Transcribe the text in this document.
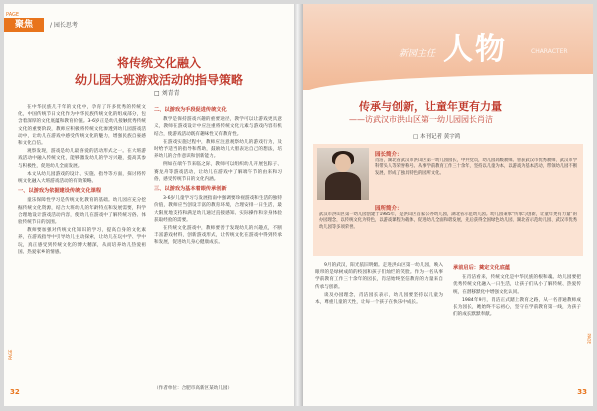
PAGE
聚焦	/ 园长思考
将传统文化融入
幼儿园大班游戏活动的指导策略
□ 刘青青

在中华民族几千年的文化中，孕育了许多优秀的传统文化，中国传统节日文化作为中华民族传统文化的组成部分，包含着深厚的文化底蕴和教育价值。3-6岁正是幼儿接触优秀传统文化的重要阶段，教师应积极将传统文化渗透到幼儿园游戏活动中，让幼儿在游戏中感受传统文化的魅力，增强民族自豪感和文化自信。

观察发现，游戏是幼儿最喜爱的活动形式之一。在大班游戏活动中融入传统文化，能够激发幼儿的学习兴趣，提高其参与积极性，促进幼儿全面发展。

本文从幼儿园游戏的设计、实施、指导等方面，探讨将传统文化融入大班游戏活动的有效策略。

一、以游戏为依据建设传统文化课程

童乐保障性学习是传统文化教育的基础。幼儿园应充分挖掘传统文化资源，结合大班幼儿的年龄特点和发展需要，科学合理地设计游戏活动内容，使幼儿在游戏中了解传统习俗、体验传统节日的氛围。

教师要加强对传统文化知识的学习，提高自身的文化素养，在游戏指导中引导幼儿主动探索，让幼儿在玩中学、学中玩，真正感受到传统文化的博大精深，从而培养幼儿热爱祖国、热爱家乡的情感。

二、以游戏为手段促进传统文化

教学是保持游戏兴趣的重要途径，教学可以让游戏更具意义，教师在游戏设计中应注重将传统文化元素与游戏内容有机结合，使游戏活动既有趣味性又有教育性。

在游戏实施过程中，教师应注意观察幼儿的游戏行为，及时给予适当的指导和帮助，鼓励幼儿大胆表达自己的想法，培养幼儿的合作意识和创新能力。

例如在端午节来临之际，教师可以组织幼儿开展包粽子、赛龙舟等游戏活动，让幼儿在游戏中了解端午节的由来和习俗，感受传统节日的文化内涵。

三、以游戏为基本着眼传承创新

3-6岁儿童学习与发展指南中强调要珍视游戏和生活的独特价值，教师应当创设丰富的教育环境，合理安排一日生活，最大限度地支持和满足幼儿通过直接感知、实际操作和亲身体验获取经验的需要。

在传统文化游戏中，教师要善于发现幼儿的兴趣点，不断丰富游戏材料，创新游戏形式，让传统文化在游戏中得到传承和发展，促进幼儿身心健康成长。

（作者单位：合肥市高新区某幼儿园）
PAGE
32
新园主任 人物	CHARACTER
传承与创新，让童年更有力量
——访武汉市洪山区第一幼儿园园长肖洁
□ 本刊记者 黄宇鸿
园长简介：
肖洁，湖北省武汉市洪山区第一幼儿园园长，中共党员，幼儿园高级教师。曾获武汉市优秀教师、武汉市学科带头人等荣誉称号。从事学前教育工作三十余年，坚持以儿童为本，以游戏为基本活动，带领幼儿园不断发展，形成了独具特色的园所文化。
园所简介：
武汉市洪山区第一幼儿园创建于1985年，是洪山区首家公办幼儿园，湖北省示范幼儿园。幼儿园秉承“传承与创新，让童年更有力量”的办园理念，以传统文化为特色，以游戏课程为载体，促进幼儿全面和谐发展，先后获得全国绿色幼儿园、湖北省示范幼儿园、武汉市优秀幼儿园等多项荣誉。

9月的武汉，阳光依旧明媚。走进洪山区第一幼儿园，映入眼帘的是绿树成荫的校园和孩子们灿烂的笑脸。作为一名从事学前教育工作三十余年的园长，肖洁始终坚信教育的力量来自传承与创新。

谈及办园理念，肖洁园长表示，幼儿园要坚持以儿童为本，尊重儿童的天性，让每一个孩子在快乐中成长。

承前启后：奠定文化底蕴

在肖洁看来，传统文化是中华民族的根和魂。幼儿园要把优秀传统文化融入一日生活，让孩子们从小了解传统、热爱传统，在潜移默化中增强文化认同。

1984年9月，肖洁正式踏上教育之路，从一名普通教师成长为园长，她始终不忘初心，坚守在学前教育第一线，为孩子们的成长默默奉献。

PAGE
33
